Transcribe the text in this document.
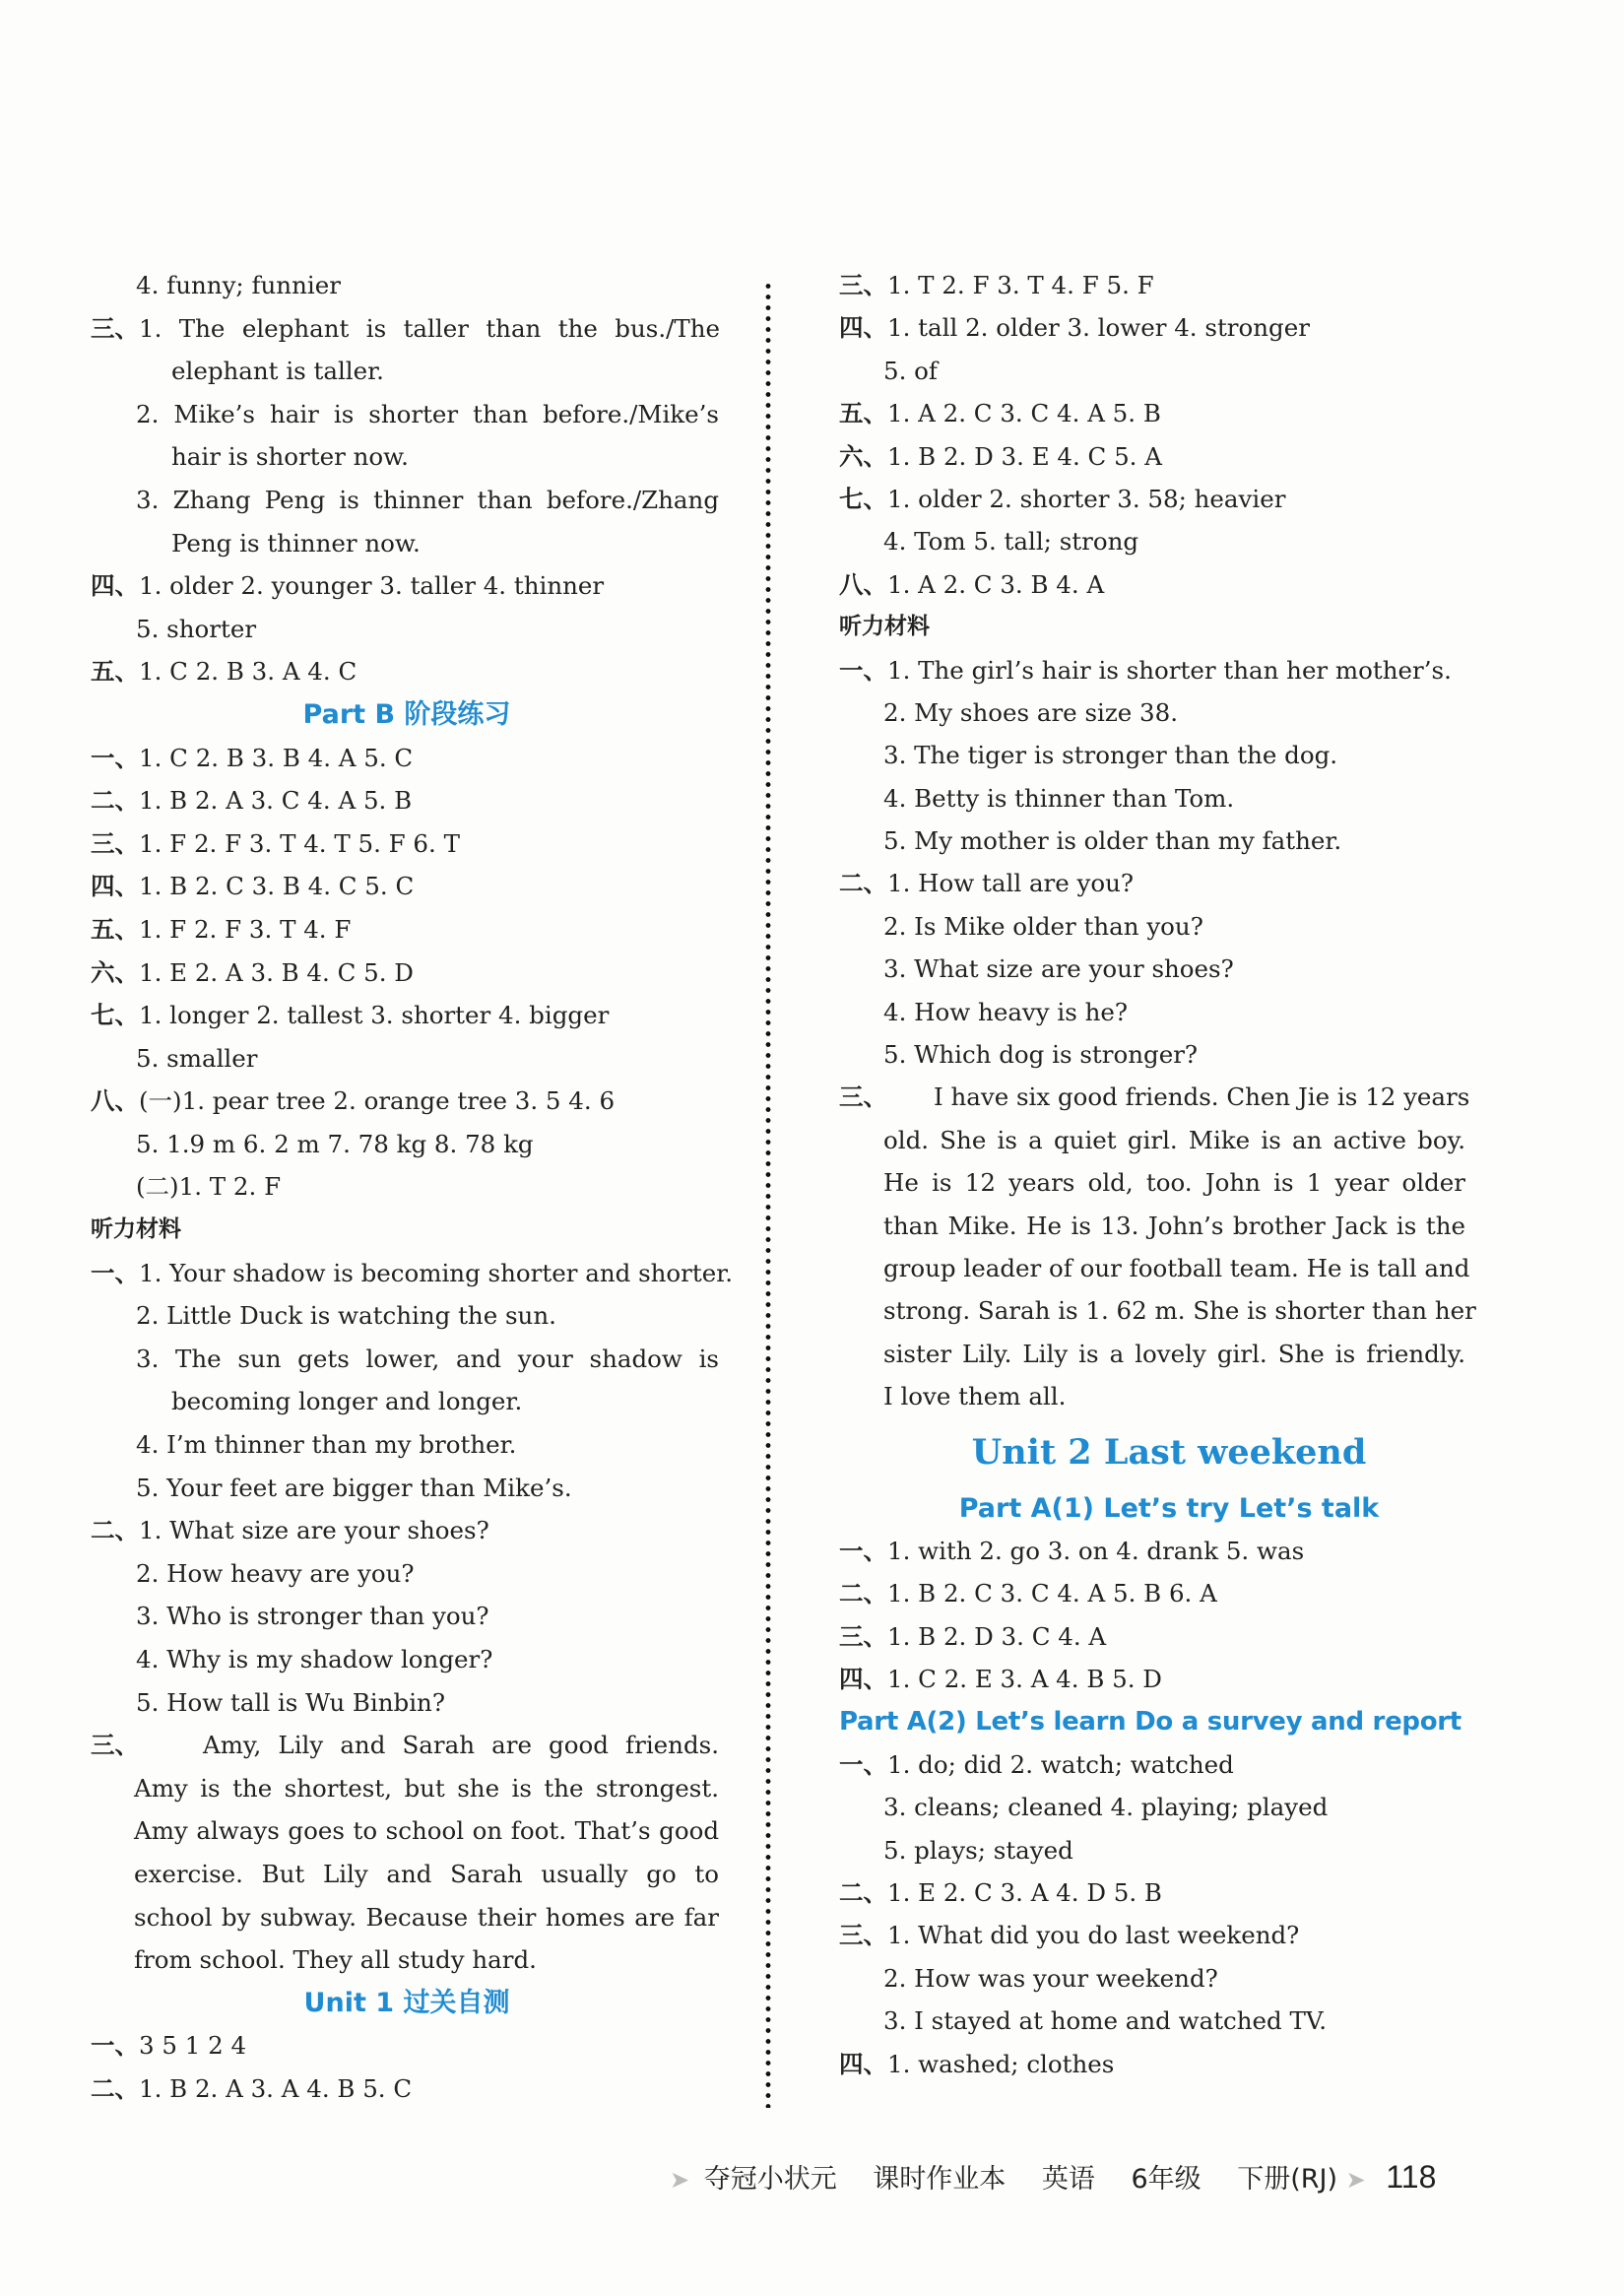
4. funny; funnier
三、1. The elephant is taller than the bus./The
elephant is taller.
2. Mike’s hair is shorter than before./Mike’s
hair is shorter now.
3. Zhang Peng is thinner than before./Zhang
Peng is thinner now.
四、1. older 2. younger 3. taller 4. thinner
5. shorter
五、1. C 2. B 3. A 4. C
Part B 阶段练习
一、1. C 2. B 3. B 4. A 5. C
二、1. B 2. A 3. C 4. A 5. B
三、1. F 2. F 3. T 4. T 5. F 6. T
四、1. B 2. C 3. B 4. C 5. C
五、1. F 2. F 3. T 4. F
六、1. E 2. A 3. B 4. C 5. D
七、1. longer 2. tallest 3. shorter 4. bigger
5. smaller
八、(一)1. pear tree 2. orange tree 3. 5 4. 6
5. 1.9 m 6. 2 m 7. 78 kg 8. 78 kg
(二)1. T 2. F
听力材料
一、1. Your shadow is becoming shorter and shorter.
2. Little Duck is watching the sun.
3. The sun gets lower, and your shadow is
becoming longer and longer.
4. I’m thinner than my brother.
5. Your feet are bigger than Mike’s.
二、1. What size are your shoes?
2. How heavy are you?
3. Who is stronger than you?
4. Why is my shadow longer?
5. How tall is Wu Binbin?
三、	Amy, Lily and Sarah are good friends.
Amy is the shortest, but she is the strongest.
Amy always goes to school on foot. That’s good
exercise. But Lily and Sarah usually go to
school by subway. Because their homes are far
from school. They all study hard.
Unit 1 过关自测
一、3 5 1 2 4
二、1. B 2. A 3. A 4. B 5. C
三、1. T 2. F 3. T 4. F 5. F
四、1. tall 2. older 3. lower 4. stronger
5. of
五、1. A 2. C 3. C 4. A 5. B
六、1. B 2. D 3. E 4. C 5. A
七、1. older 2. shorter 3. 58; heavier
4. Tom 5. tall; strong
八、1. A 2. C 3. B 4. A
听力材料
一、1. The girl’s hair is shorter than her mother’s.
2. My shoes are size 38.
3. The tiger is stronger than the dog.
4. Betty is thinner than Tom.
5. My mother is older than my father.
二、1. How tall are you?
2. Is Mike older than you?
3. What size are your shoes?
4. How heavy is he?
5. Which dog is stronger?
三、 I have six good friends. Chen Jie is 12 years
old. She is a quiet girl. Mike is an active boy.
He is 12 years old, too. John is 1 year older
than Mike. He is 13. John’s brother Jack is the
group leader of our football team. He is tall and
strong. Sarah is 1. 62 m. She is shorter than her
sister Lily. Lily is a lovely girl. She is friendly.
I love them all.
Unit 2 Last weekend
Part A(1) Let’s try Let’s talk
一、1. with 2. go 3. on 4. drank 5. was
二、1. B 2. C 3. C 4. A 5. B 6. A
三、1. B 2. D 3. C 4. A
四、1. C 2. E 3. A 4. B 5. D
Part A(2) Let’s learn Do a survey and report
一、1. do; did 2. watch; watched
3. cleans; cleaned 4. playing; played
5. plays; stayed
二、1. E 2. C 3. A 4. D 5. B
三、1. What did you do last weekend?
2. How was your weekend?
3. I stayed at home and watched TV.
四、1. washed; clothes
➤ 夺冠小状元 课时作业本 英语 6年级 下册(RJ) ➤ 118
